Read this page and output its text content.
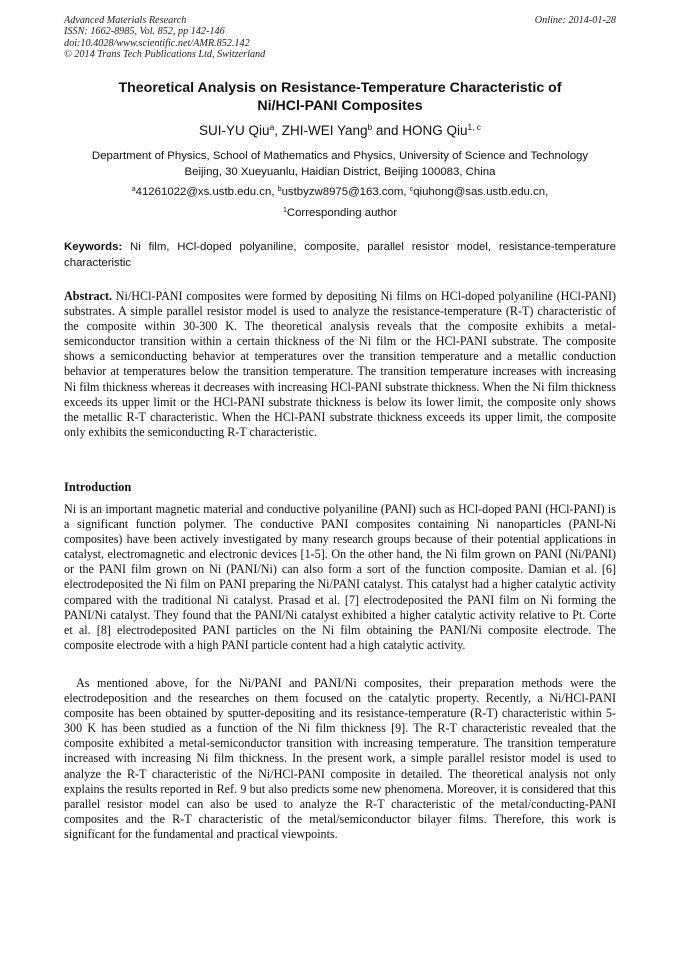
Advanced Materials Research
ISSN: 1662-8985, Vol. 852, pp 142-146
doi:10.4028/www.scientific.net/AMR.852.142
© 2014 Trans Tech Publications Ltd, Switzerland
Online: 2014-01-28
Theoretical Analysis on Resistance-Temperature Characteristic of
Ni/HCl-PANI Composites
SUI-YU Qiu$^a$, ZHI-WEI Yang$^b$ and HONG Qiu$^{1, c}$
Department of Physics, School of Mathematics and Physics, University of Science and Technology
Beijing, 30 Xueyuanlu, Haidian District, Beijing 100083, China
$^a$41261022@xs.ustb.edu.cn, $^b$ustbyzw8975@163.com, $^c$qiuhong@sas.ustb.edu.cn,
$^1$Corresponding author
Keywords: Ni film, HCl-doped polyaniline, composite, parallel resistor model, resistance-temperature characteristic
Abstract. Ni/HCl-PANI composites were formed by depositing Ni films on HCl-doped polyaniline (HCl-PANI) substrates. A simple parallel resistor model is used to analyze the resistance-temperature (R-T) characteristic of the composite within 30-300 K. The theoretical analysis reveals that the composite exhibits a metal-semiconductor transition within a certain thickness of the Ni film or the HCl-PANI substrate. The composite shows a semiconducting behavior at temperatures over the transition temperature and a metallic conduction behavior at temperatures below the transition temperature. The transition temperature increases with increasing Ni film thickness whereas it decreases with increasing HCl-PANI substrate thickness. When the Ni film thickness exceeds its upper limit or the HCl-PANI substrate thickness is below its lower limit, the composite only shows the metallic R-T characteristic. When the HCl-PANI substrate thickness exceeds its upper limit, the composite only exhibits the semiconducting R-T characteristic.
Introduction

Ni is an important magnetic material and conductive polyaniline (PANI) such as HCl-doped PANI (HCl-PANI) is a significant function polymer. The conductive PANI composites containing Ni nanoparticles (PANI-Ni composites) have been actively investigated by many research groups because of their potential applications in catalyst, electromagnetic and electronic devices [1-5]. On the other hand, the Ni film grown on PANI (Ni/PANI) or the PANI film grown on Ni (PANI/Ni) can also form a sort of the function composite. Damian et al. [6] electrodeposited the Ni film on PANI preparing the Ni/PANI catalyst. This catalyst had a higher catalytic activity compared with the traditional Ni catalyst. Prasad et al. [7] electrodeposited the PANI film on Ni forming the PANI/Ni catalyst. They found that the PANI/Ni catalyst exhibited a higher catalytic activity relative to Pt. Corte et al. [8] electrodeposited PANI particles on the Ni film obtaining the PANI/Ni composite electrode. The composite electrode with a high PANI particle content had a high catalytic activity.

As mentioned above, for the Ni/PANI and PANI/Ni composites, their preparation methods were the electrodeposition and the researches on them focused on the catalytic property. Recently, a Ni/HCl-PANI composite has been obtained by sputter-depositing and its resistance-temperature (R-T) characteristic within 5-300 K has been studied as a function of the Ni film thickness [9]. The R-T characteristic revealed that the composite exhibited a metal-semiconductor transition with increasing temperature. The transition temperature increased with increasing Ni film thickness. In the present work, a simple parallel resistor model is used to analyze the R-T characteristic of the Ni/HCl-PANI composite in detailed. The theoretical analysis not only explains the results reported in Ref. 9 but also predicts some new phenomena. Moreover, it is considered that this parallel resistor model can also be used to analyze the R-T characteristic of the metal/conducting-PANI composites and the R-T characteristic of the metal/semiconductor bilayer films. Therefore, this work is significant for the fundamental and practical viewpoints.
